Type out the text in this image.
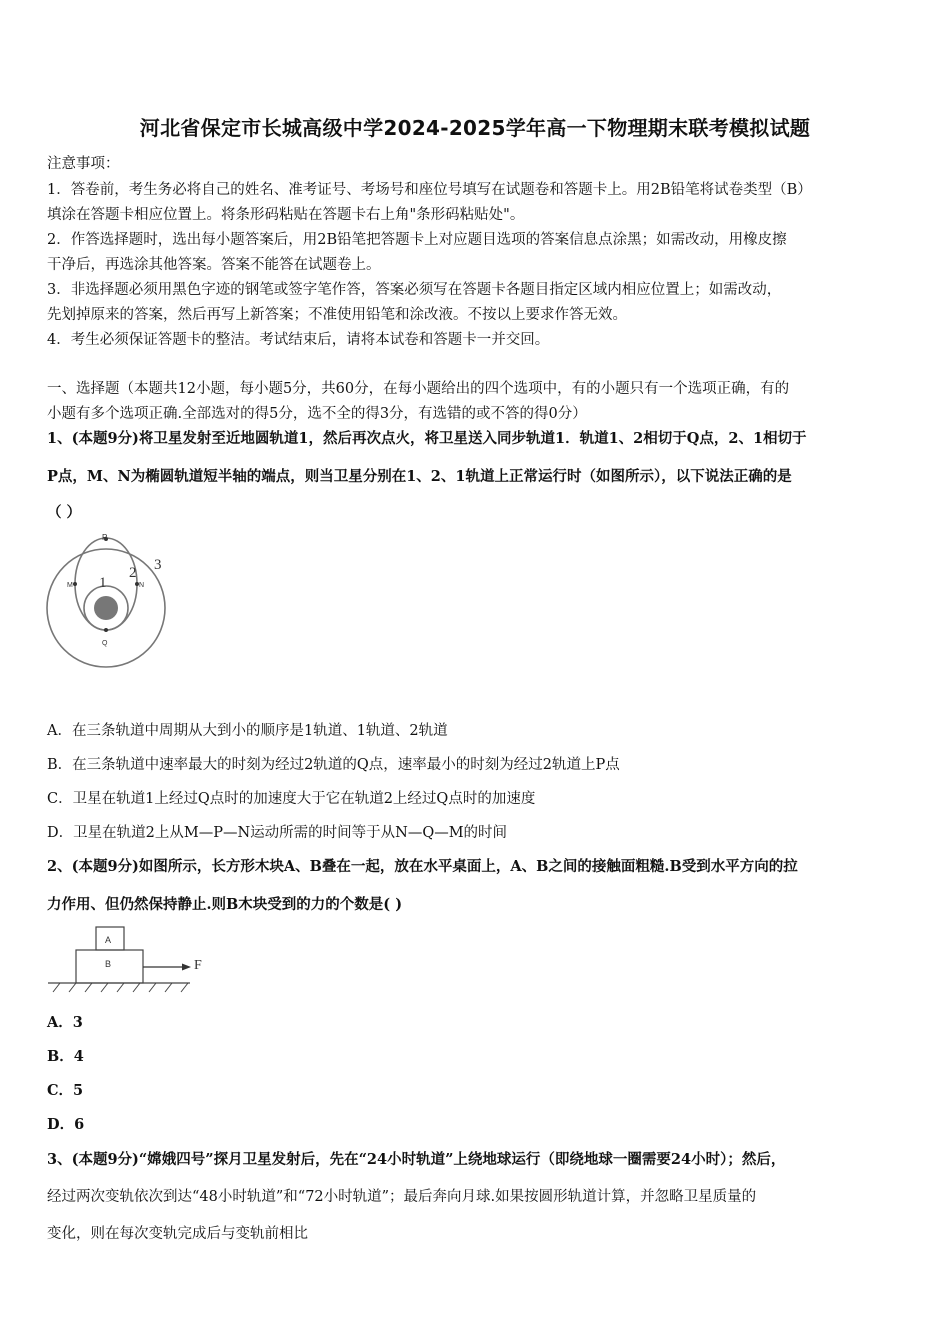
河北省保定市长城高级中学2024-2025学年高一下物理期末联考模拟试题
注意事项：
1．答卷前，考生务必将自己的姓名、准考证号、考场号和座位号填写在试题卷和答题卡上。用2B铅笔将试卷类型（B）
填涂在答题卡相应位置上。将条形码粘贴在答题卡右上角"条形码粘贴处"。
2．作答选择题时，选出每小题答案后，用2B铅笔把答题卡上对应题目选项的答案信息点涂黑；如需改动，用橡皮擦
干净后，再选涂其他答案。答案不能答在试题卷上。
3．非选择题必须用黑色字迹的钢笔或签字笔作答，答案必须写在答题卡各题目指定区域内相应位置上；如需改动，
先划掉原来的答案，然后再写上新答案；不准使用铅笔和涂改液。不按以上要求作答无效。
4．考生必须保证答题卡的整洁。考试结束后，请将本试卷和答题卡一并交回。
一、选择题（本题共12小题，每小题5分，共60分，在每小题给出的四个选项中，有的小题只有一个选项正确，有的
小题有多个选项正确.全部选对的得5分，选不全的得3分，有选错的或不答的得0分）
1、(本题9分)将卫星发射至近地圆轨道1，然后再次点火，将卫星送入同步轨道1．轨道1、2相切于Q点，2、1相切于
P点，M、N为椭圆轨道短半轴的端点，则当卫星分别在1、2、1轨道上正常运行时（如图所示），以下说法正确的是
（ ）
P
M	N
Q
1
2 3
A．在三条轨道中周期从大到小的顺序是1轨道、1轨道、2轨道
B．在三条轨道中速率最大的时刻为经过2轨道的Q点，速率最小的时刻为经过2轨道上P点
C．卫星在轨道1上经过Q点时的加速度大于它在轨道2上经过Q点时的加速度
D．卫星在轨道2上从M—P—N运动所需的时间等于从N—Q—M的时间
2、(本题9分)如图所示，长方形木块A、B叠在一起，放在水平桌面上，A、B之间的接触面粗糙.B受到水平方向的拉
力作用、但仍然保持静止.则B木块受到的力的个数是( )
A
B	F
A．3
B．4
C．5
D．6
3、(本题9分)“嫦娥四号”探月卫星发射后，先在“24小时轨道”上绕地球运行（即绕地球一圈需要24小时）；然后，
经过两次变轨依次到达“48小时轨道”和“72小时轨道”；最后奔向月球.如果按圆形轨道计算，并忽略卫星质量的
变化，则在每次变轨完成后与变轨前相比
